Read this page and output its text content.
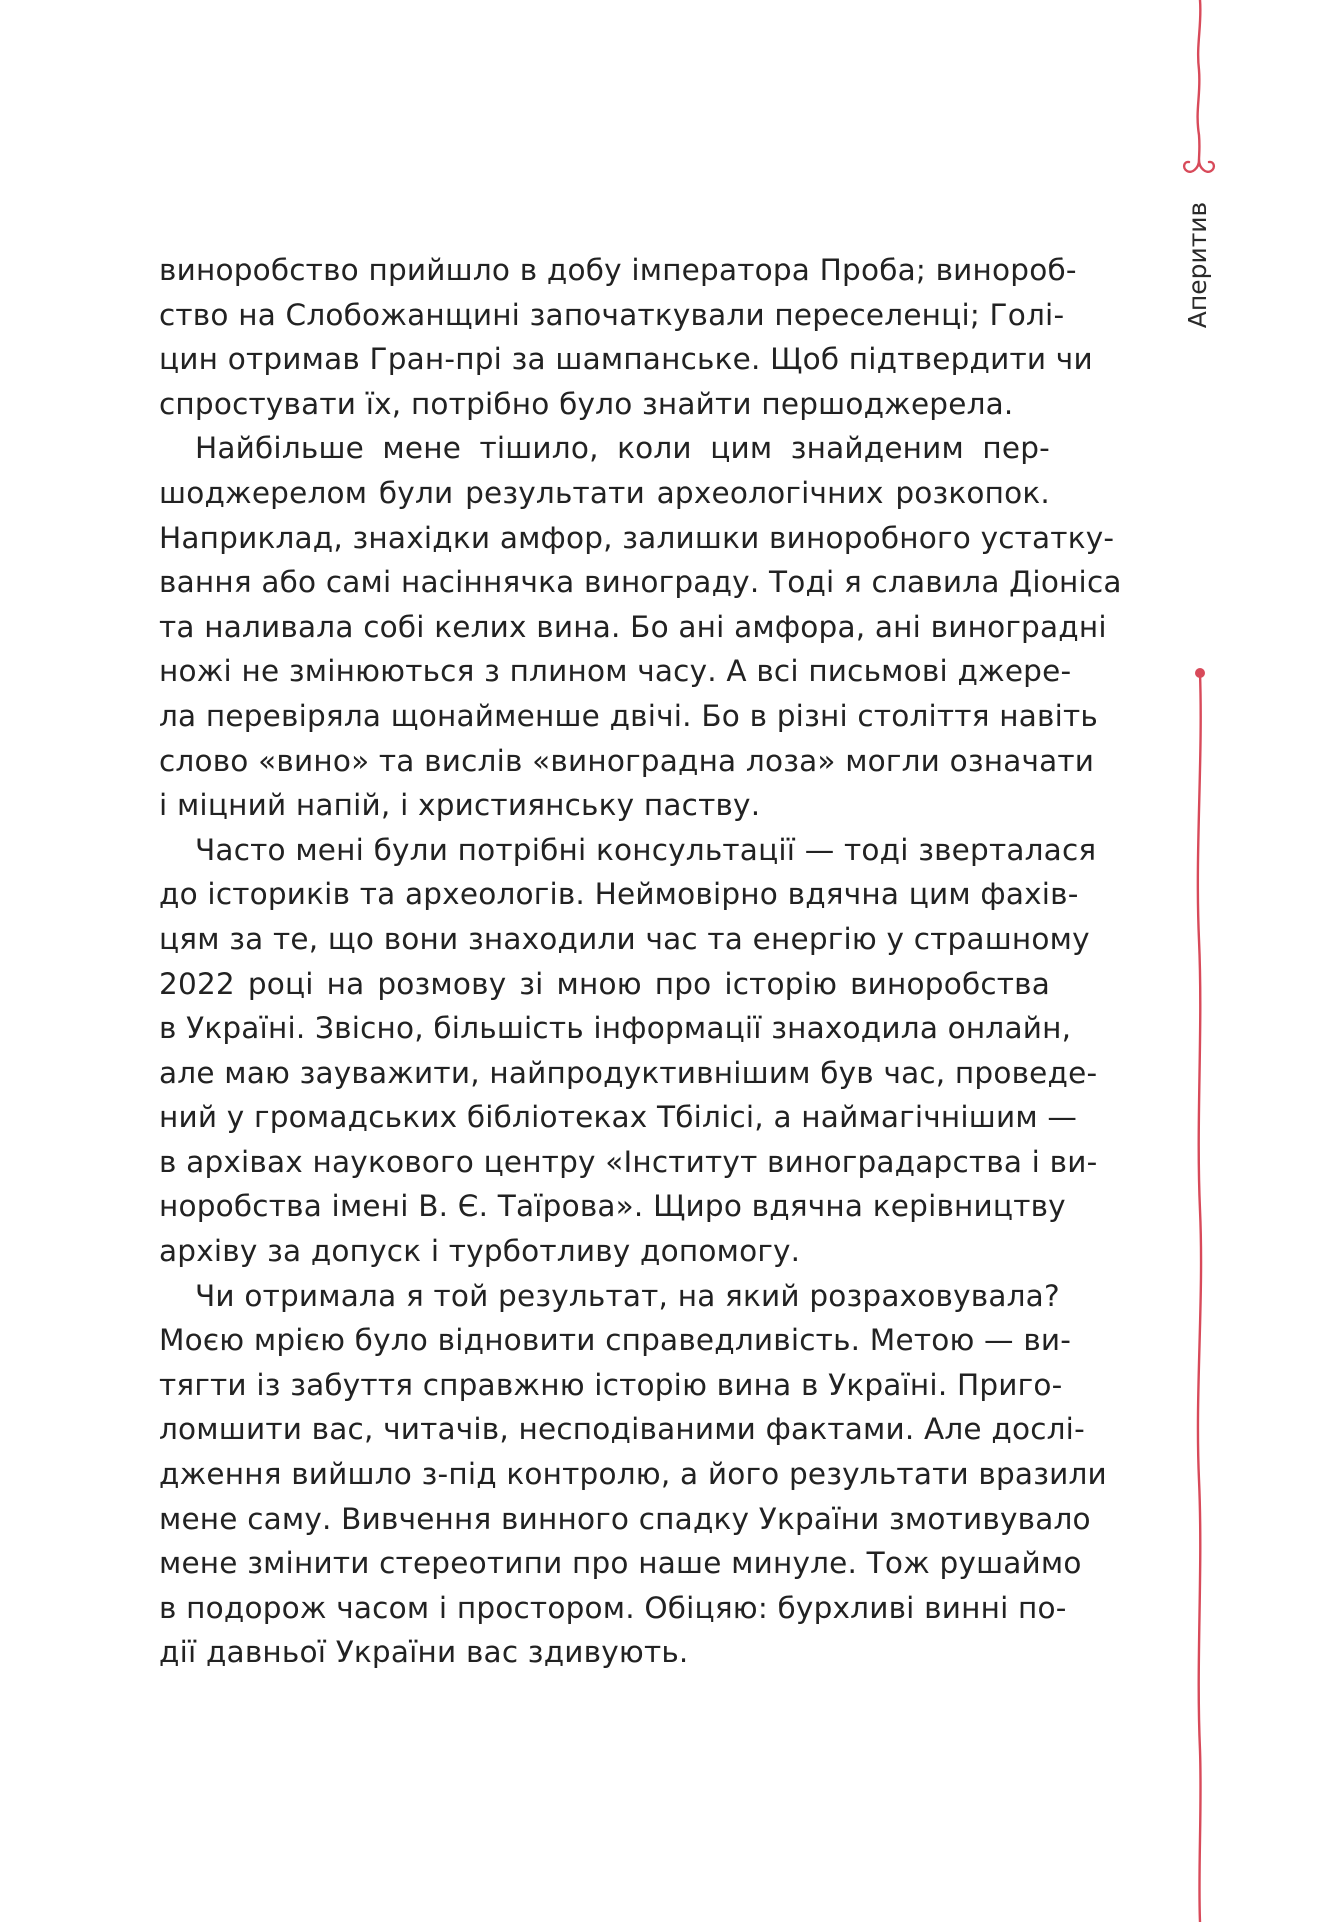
виноробство прийшло в добу імператора Проба; винороб-
ство на Слобожанщині започаткували переселенці; Голі-
цин отримав Гран-прі за шампанське. Щоб підтвердити чи
спростувати їх, потрібно було знайти першоджерела.
Найбільше мене тішило, коли цим знайденим пер-
шоджерелом були результати археологічних розкопок.
Наприклад, знахідки амфор, залишки виноробного устатку-
вання або самі насіннячка винограду. Тоді я славила Діоніса
та наливала собі келих вина. Бо ані амфора, ані виноградні
ножі не змінюються з плином часу. А всі письмові джере-
ла перевіряла щонайменше двічі. Бо в різні століття навіть
слово «вино» та вислів «виноградна лоза» могли означати
і міцний напій, і християнську паству.
Часто мені були потрібні консультації — тоді зверталася
до істориків та археологів. Неймовірно вдячна цим фахів-
цям за те, що вони знаходили час та енергію у страшному
2022 році на розмову зі мною про історію виноробства
в Україні. Звісно, більшість інформації знаходила онлайн,
але маю зауважити, найпродуктивнішим був час, проведе-
ний у громадських бібліотеках Тбілісі, а наймагічнішим —
в архівах наукового центру «Інститут виноградарства і ви-
норобства імені В. Є. Таїрова». Щиро вдячна керівництву
архіву за допуск і турботливу допомогу.
Чи отримала я той результат, на який розраховувала?
Моєю мрією було відновити справедливість. Метою — ви-
тягти із забуття справжню історію вина в Україні. Приго-
ломшити вас, читачів, несподіваними фактами. Але дослі-
дження вийшло з-під контролю, а його результати вразили
мене саму. Вивчення винного спадку України змотивувало
мене змінити стереотипи про наше минуле. Тож рушаймо
в подорож часом і простором. Обіцяю: бурхливі винні по-
дії давньої України вас здивують.
Аперитив
